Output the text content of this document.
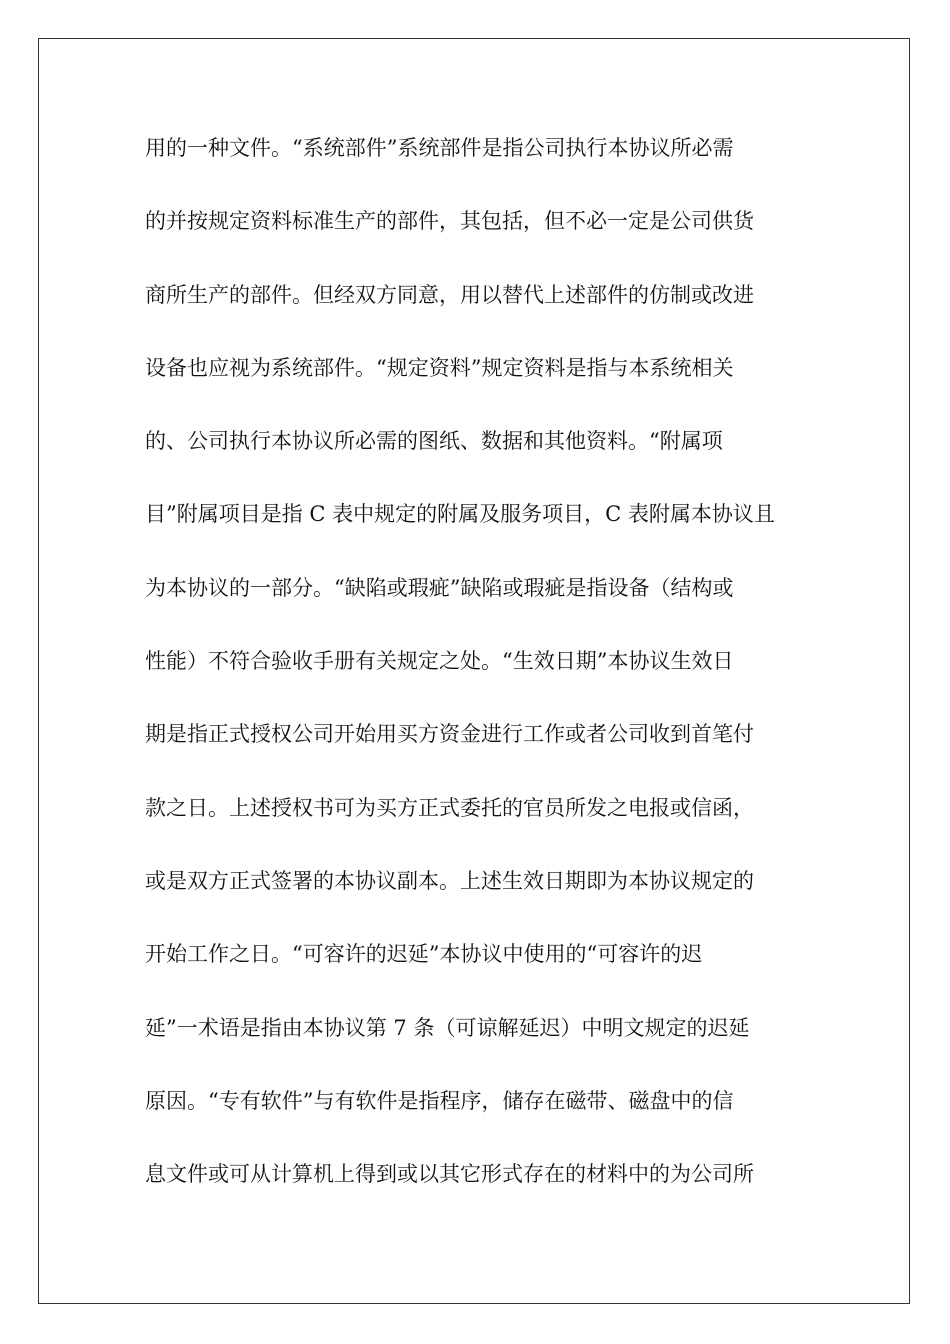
用的一种文件。“系统部件”系统部件是指公司执行本协议所必需
的并按规定资料标准生产的部件，其包括，但不必一定是公司供货
商所生产的部件。但经双方同意，用以替代上述部件的仿制或改进
设备也应视为系统部件。“规定资料”规定资料是指与本系统相关
的、公司执行本协议所必需的图纸、数据和其他资料。“附属项
目”附属项目是指 C 表中规定的附属及服务项目，C 表附属本协议且
为本协议的一部分。“缺陷或瑕疵”缺陷或瑕疵是指设备（结构或
性能）不符合验收手册有关规定之处。“生效日期”本协议生效日
期是指正式授权公司开始用买方资金进行工作或者公司收到首笔付
款之日。上述授权书可为买方正式委托的官员所发之电报或信函，
或是双方正式签署的本协议副本。上述生效日期即为本协议规定的
开始工作之日。“可容许的迟延”本协议中使用的“可容许的迟
延”一术语是指由本协议第 7 条（可谅解延迟）中明文规定的迟延
原因。“专有软件”与有软件是指程序，储存在磁带、磁盘中的信
息文件或可从计算机上得到或以其它形式存在的材料中的为公司所
